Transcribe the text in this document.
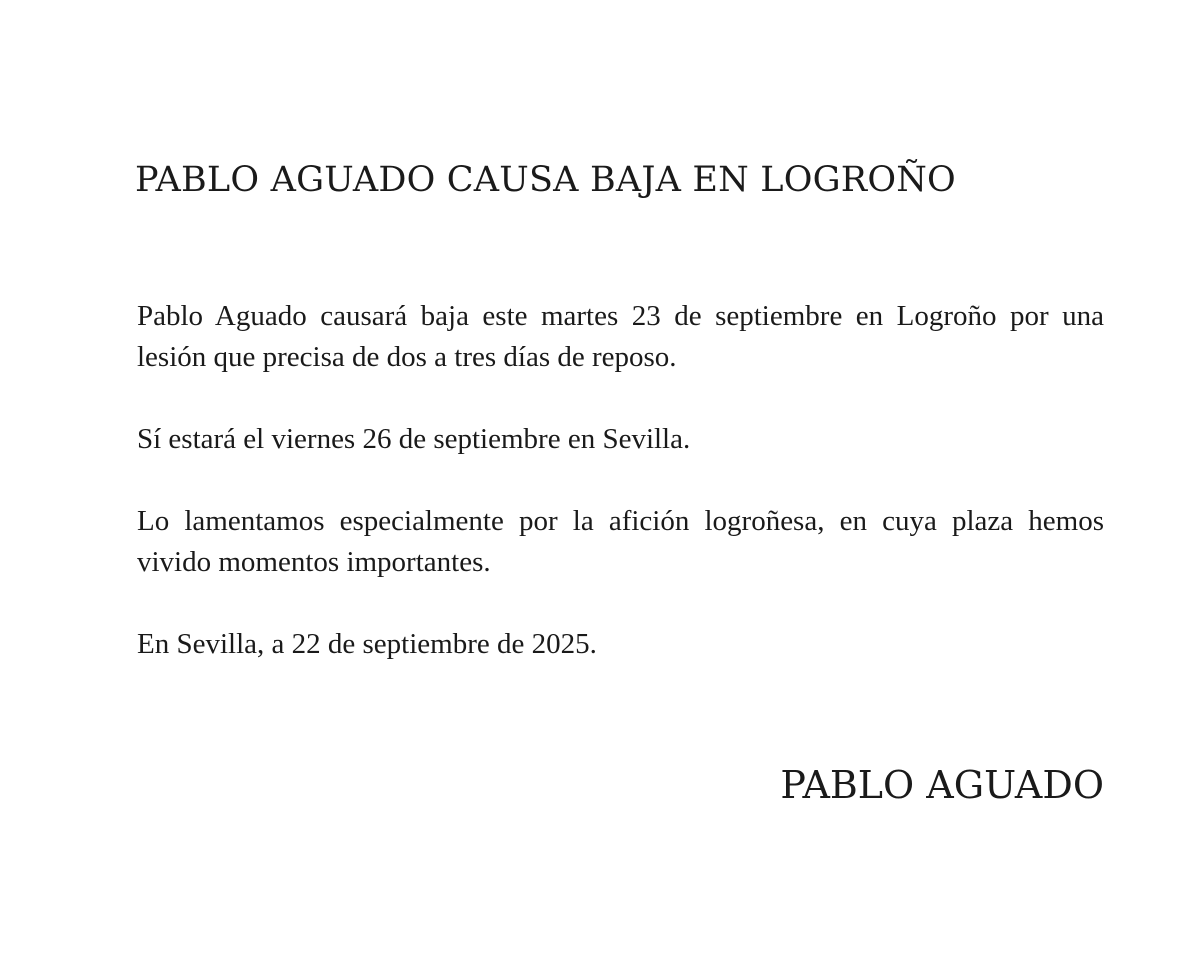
PABLO AGUADO CAUSA BAJA EN LOGROÑO

Pablo Aguado causará baja este martes 23 de septiembre en Logroño por una lesión que precisa de dos a tres días de reposo.

Sí estará el viernes 26 de septiembre en Sevilla.

Lo lamentamos especialmente por la afición logroñesa, en cuya plaza hemos vivido momentos importantes.

En Sevilla, a 22 de septiembre de 2025.

PABLO AGUADO
